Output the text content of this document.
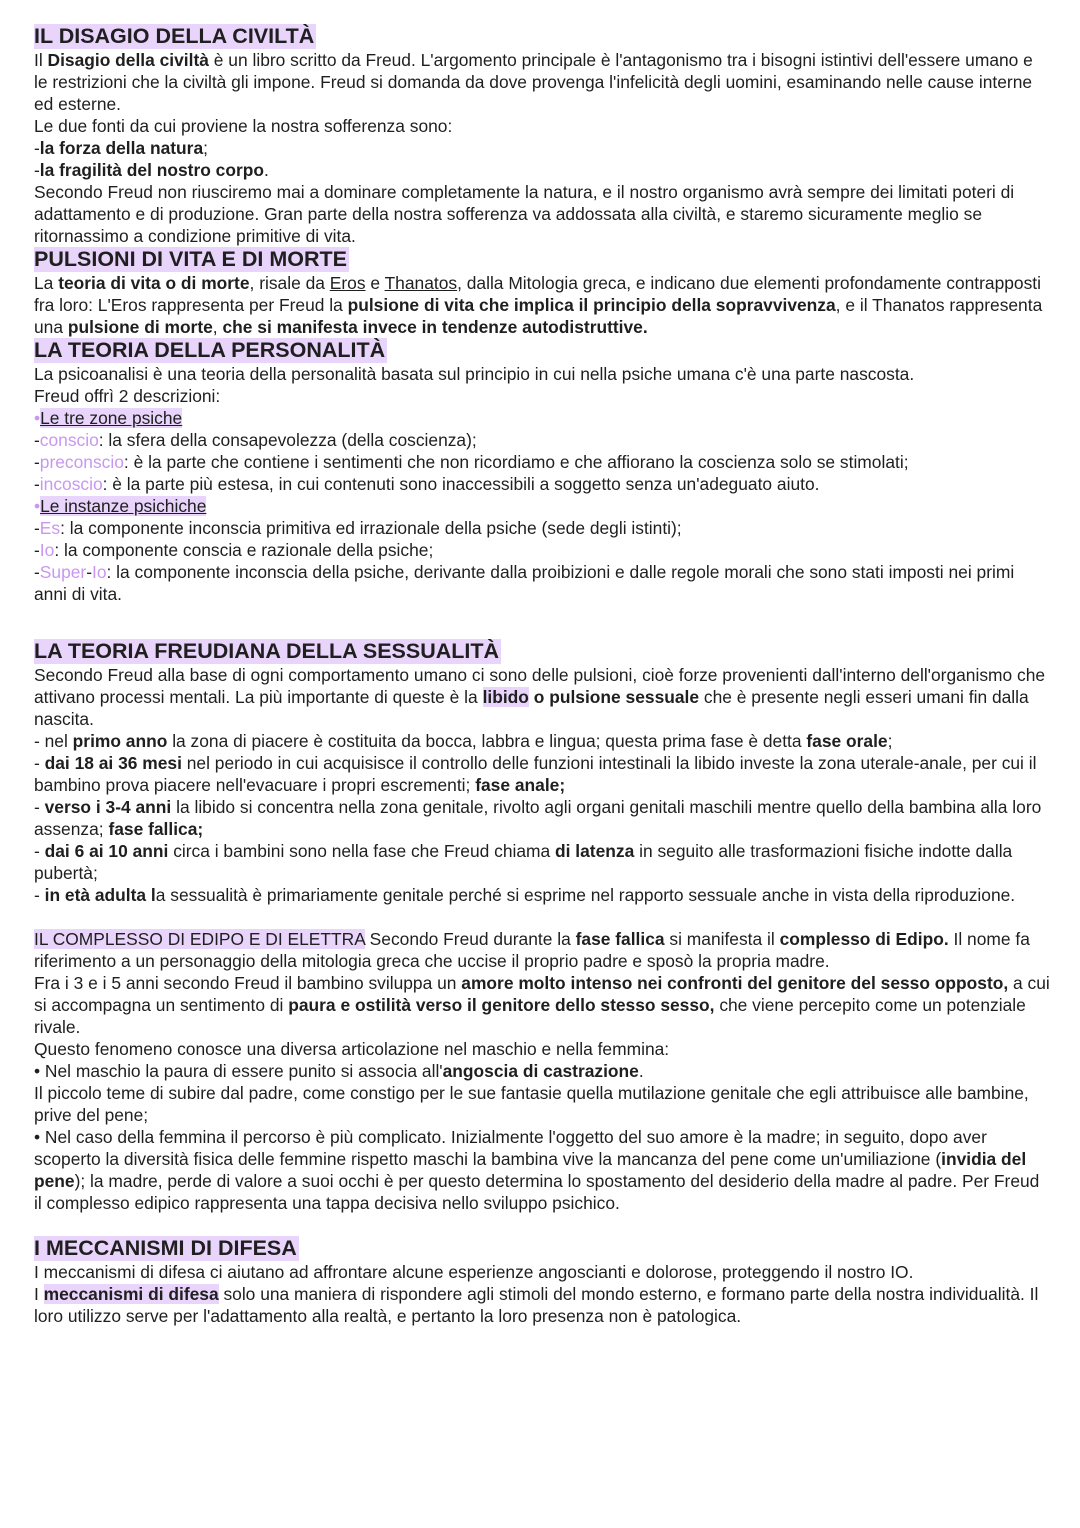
IL DISAGIO DELLA CIVILTÀ

Il Disagio della civiltà è un libro scritto da Freud. L'argomento principale è l'antagonismo tra i bisogni istintivi dell'essere umano e le restrizioni che la civiltà gli impone. Freud si domanda da dove provenga l'infelicità degli uomini, esaminando nelle cause interne ed esterne.

Le due fonti da cui proviene la nostra sofferenza sono:

-la forza della natura;

-la fragilità del nostro corpo.

Secondo Freud non riusciremo mai a dominare completamente la natura, e il nostro organismo avrà sempre dei limitati poteri di adattamento e di produzione. Gran parte della nostra sofferenza va addossata alla civiltà, e staremo sicuramente meglio se ritornassimo a condizione primitive di vita.

PULSIONI DI VITA E DI MORTE

La teoria di vita o di morte, risale da Eros e Thanatos, dalla Mitologia greca, e indicano due elementi profondamente contrapposti fra loro: L'Eros rappresenta per Freud la pulsione di vita che implica il principio della sopravvivenza, e il Thanatos rappresenta una pulsione di morte, che si manifesta invece in tendenze autodistruttive.

LA TEORIA DELLA PERSONALITÀ

La psicoanalisi è una teoria della personalità basata sul principio in cui nella psiche umana c'è una parte nascosta.

Freud offrì 2 descrizioni:

•Le tre zone psiche

-conscio: la sfera della consapevolezza (della coscienza);

-preconscio: è la parte che contiene i sentimenti che non ricordiamo e che affiorano la coscienza solo se stimolati;

-incoscio: è la parte più estesa, in cui contenuti sono inaccessibili a soggetto senza un'adeguato aiuto.

•Le instanze psichiche

-Es: la componente inconscia primitiva ed irrazionale della psiche (sede degli istinti);

-Io: la componente conscia e razionale della psiche;

-Super-Io: la componente inconscia della psiche, derivante dalla proibizioni e dalle regole morali che sono stati imposti nei primi anni di vita.

LA TEORIA FREUDIANA DELLA SESSUALITÀ

Secondo Freud alla base di ogni comportamento umano ci sono delle pulsioni, cioè forze provenienti dall'interno dell'organismo che attivano processi mentali. La più importante di queste è la libido o pulsione sessuale che è presente negli esseri umani fin dalla nascita.

- nel primo anno la zona di piacere è costituita da bocca, labbra e lingua; questa prima fase è detta fase orale;

- dai 18 ai 36 mesi nel periodo in cui acquisisce il controllo delle funzioni intestinali la libido investe la zona uterale-anale, per cui il bambino prova piacere nell'evacuare i propri escrementi; fase anale;

- verso i 3-4 anni la libido si concentra nella zona genitale, rivolto agli organi genitali maschili mentre quello della bambina alla loro assenza; fase fallica;

- dai 6 ai 10 anni circa i bambini sono nella fase che Freud chiama di latenza in seguito alle trasformazioni fisiche indotte dalla pubertà;

- in età adulta la sessualità è primariamente genitale perché si esprime nel rapporto sessuale anche in vista della riproduzione.

IL COMPLESSO DI EDIPO E DI ELETTRA Secondo Freud durante la fase fallica si manifesta il complesso di Edipo. Il nome fa riferimento a un personaggio della mitologia greca che uccise il proprio padre e sposò la propria madre.

Fra i 3 e i 5 anni secondo Freud il bambino sviluppa un amore molto intenso nei confronti del genitore del sesso opposto, a cui si accompagna un sentimento di paura e ostilità verso il genitore dello stesso sesso, che viene percepito come un potenziale rivale.

Questo fenomeno conosce una diversa articolazione nel maschio e nella femmina:

• Nel maschio la paura di essere punito si associa all'angoscia di castrazione.

Il piccolo teme di subire dal padre, come constigo per le sue fantasie quella mutilazione genitale che egli attribuisce alle bambine, prive del pene;

• Nel caso della femmina il percorso è più complicato. Inizialmente l'oggetto del suo amore è la madre; in seguito, dopo aver scoperto la diversità fisica delle femmine rispetto maschi la bambina vive la mancanza del pene come un'umiliazione (invidia del pene); la madre, perde di valore a suoi occhi è per questo determina lo spostamento del desiderio della madre al padre. Per Freud il complesso edipico rappresenta una tappa decisiva nello sviluppo psichico.

I MECCANISMI DI DIFESA

I meccanismi di difesa ci aiutano ad affrontare alcune esperienze angoscianti e dolorose, proteggendo il nostro IO.

I meccanismi di difesa solo una maniera di rispondere agli stimoli del mondo esterno, e formano parte della nostra individualità. Il loro utilizzo serve per l'adattamento alla realtà, e pertanto la loro presenza non è patologica.
